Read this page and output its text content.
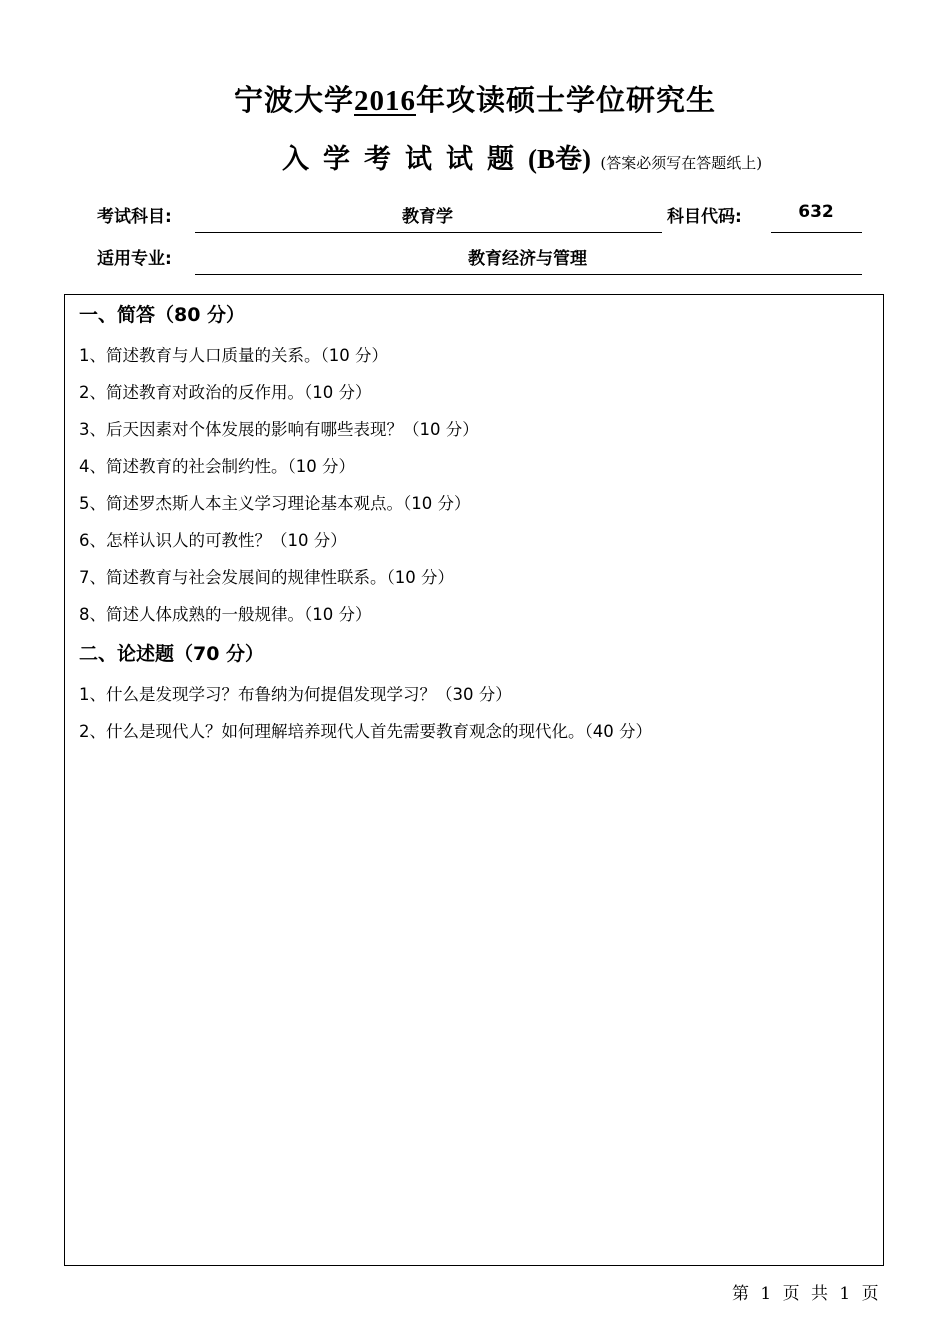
宁波大学2016年攻读硕士学位研究生
入学考试试题(B卷) (答案必须写在答题纸上)
考试科目:	教育学	科目代码:	632
适用专业:	教育经济与管理
一、简答（80 分）
1、简述教育与人口质量的关系。（10 分）
2、简述教育对政治的反作用。（10 分）
3、后天因素对个体发展的影响有哪些表现？（10 分）
4、简述教育的社会制约性。（10 分）
5、简述罗杰斯人本主义学习理论基本观点。（10 分）
6、怎样认识人的可教性？（10 分）
7、简述教育与社会发展间的规律性联系。（10 分）
8、简述人体成熟的一般规律。（10 分）
二、论述题（70 分）
1、什么是发现学习？布鲁纳为何提倡发现学习？（30 分）
2、什么是现代人？如何理解培养现代人首先需要教育观念的现代化。（40 分）
第 1 页 共 1 页
